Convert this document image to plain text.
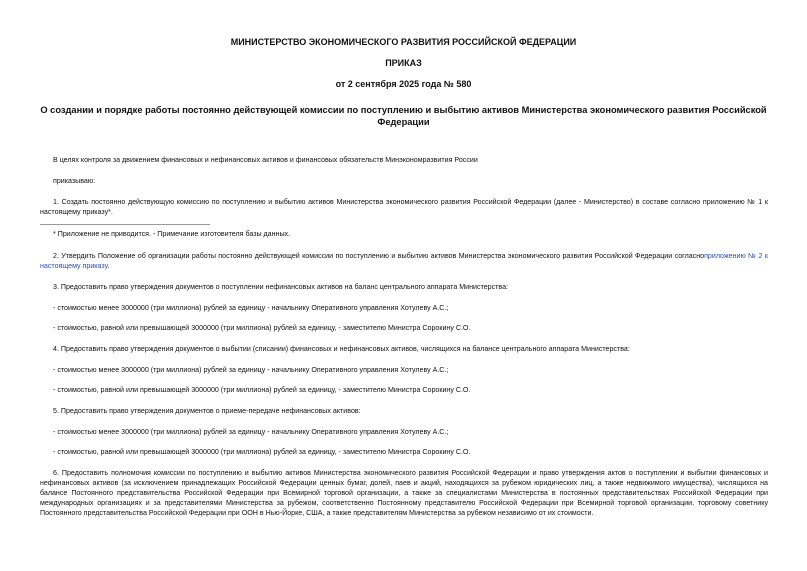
МИНИСТЕРСТВО ЭКОНОМИЧЕСКОГО РАЗВИТИЯ РОССИЙСКОЙ ФЕДЕРАЦИИ
ПРИКАЗ
от 2 сентября 2025 года № 580
О создании и порядке работы постоянно действующей комиссии по поступлению и выбытию активов Министерства экономического развития Российской Федерации
В целях контроля за движением финансовых и нефинансовых активов и финансовых обязательств Минэкономразвития России
приказываю:
1. Создать постоянно действующую комиссию по поступлению и выбытию активов Министерства экономического развития Российской Федерации (далее - Министерство) в составе согласно приложению № 1 к настоящему приказу*.
* Приложение не приводится. - Примечание изготовителя базы данных.
2. Утвердить Положение об организации работы постоянно действующей комиссии по поступлению и выбытию активов Министерства экономического развития Российской Федерации согласноприложению № 2 к настоящему приказу.
3. Предоставить право утверждения документов о поступлении нефинансовых активов на баланс центрального аппарата Министерства:
- стоимостью менее 3000000 (три миллиона) рублей за единицу - начальнику Оперативного управления Хотулеву А.С.;
- стоимостью, равной или превышающей 3000000 (три миллиона) рублей за единицу, - заместителю Министра Сорокину С.О.
4. Предоставить право утверждения документов о выбытии (списании) финансовых и нефинансовых активов, числящихся на балансе центрального аппарата Министерства:
- стоимостью менее 3000000 (три миллиона) рублей за единицу - начальнику Оперативного управления Хотулеву А.С.;
- стоимостью, равной или превышающей 3000000 (три миллиона) рублей за единицу, - заместителю Министра Сорокину С.О.
5. Предоставить право утверждения документов о приеме-передаче нефинансовых активов:
- стоимостью менее 3000000 (три миллиона) рублей за единицу - начальнику Оперативного управления Хотулеву А.С.;
- стоимостью, равной или превышающей 3000000 (три миллиона) рублей за единицу, - заместителю Министра Сорокину С.О.
6. Предоставить полномочия комиссии по поступлению и выбытию активов Министерства экономического развития Российской Федерации и право утверждения актов о поступлении и выбытии финансовых и нефинансовых активов (за исключением принадлежащих Российской Федерации ценных бумаг, долей, паев и акций, находящихся за рубежом юридических лиц, а также недвижимого имущества), числящихся на балансе Постоянного представительства Российской Федерации при Всемирной торговой организации, а также за специалистами Министерства в постоянных представительствах Российской Федерации при международных организациях и за представителями Министерства за рубежом, соответственно Постоянному представителю Российской Федерации при Всемирной торговой организации, торговому советнику Постоянного представительства Российской Федерации при ООН в Нью-Йорке, США, а также представителям Министерства за рубежом независимо от их стоимости.
